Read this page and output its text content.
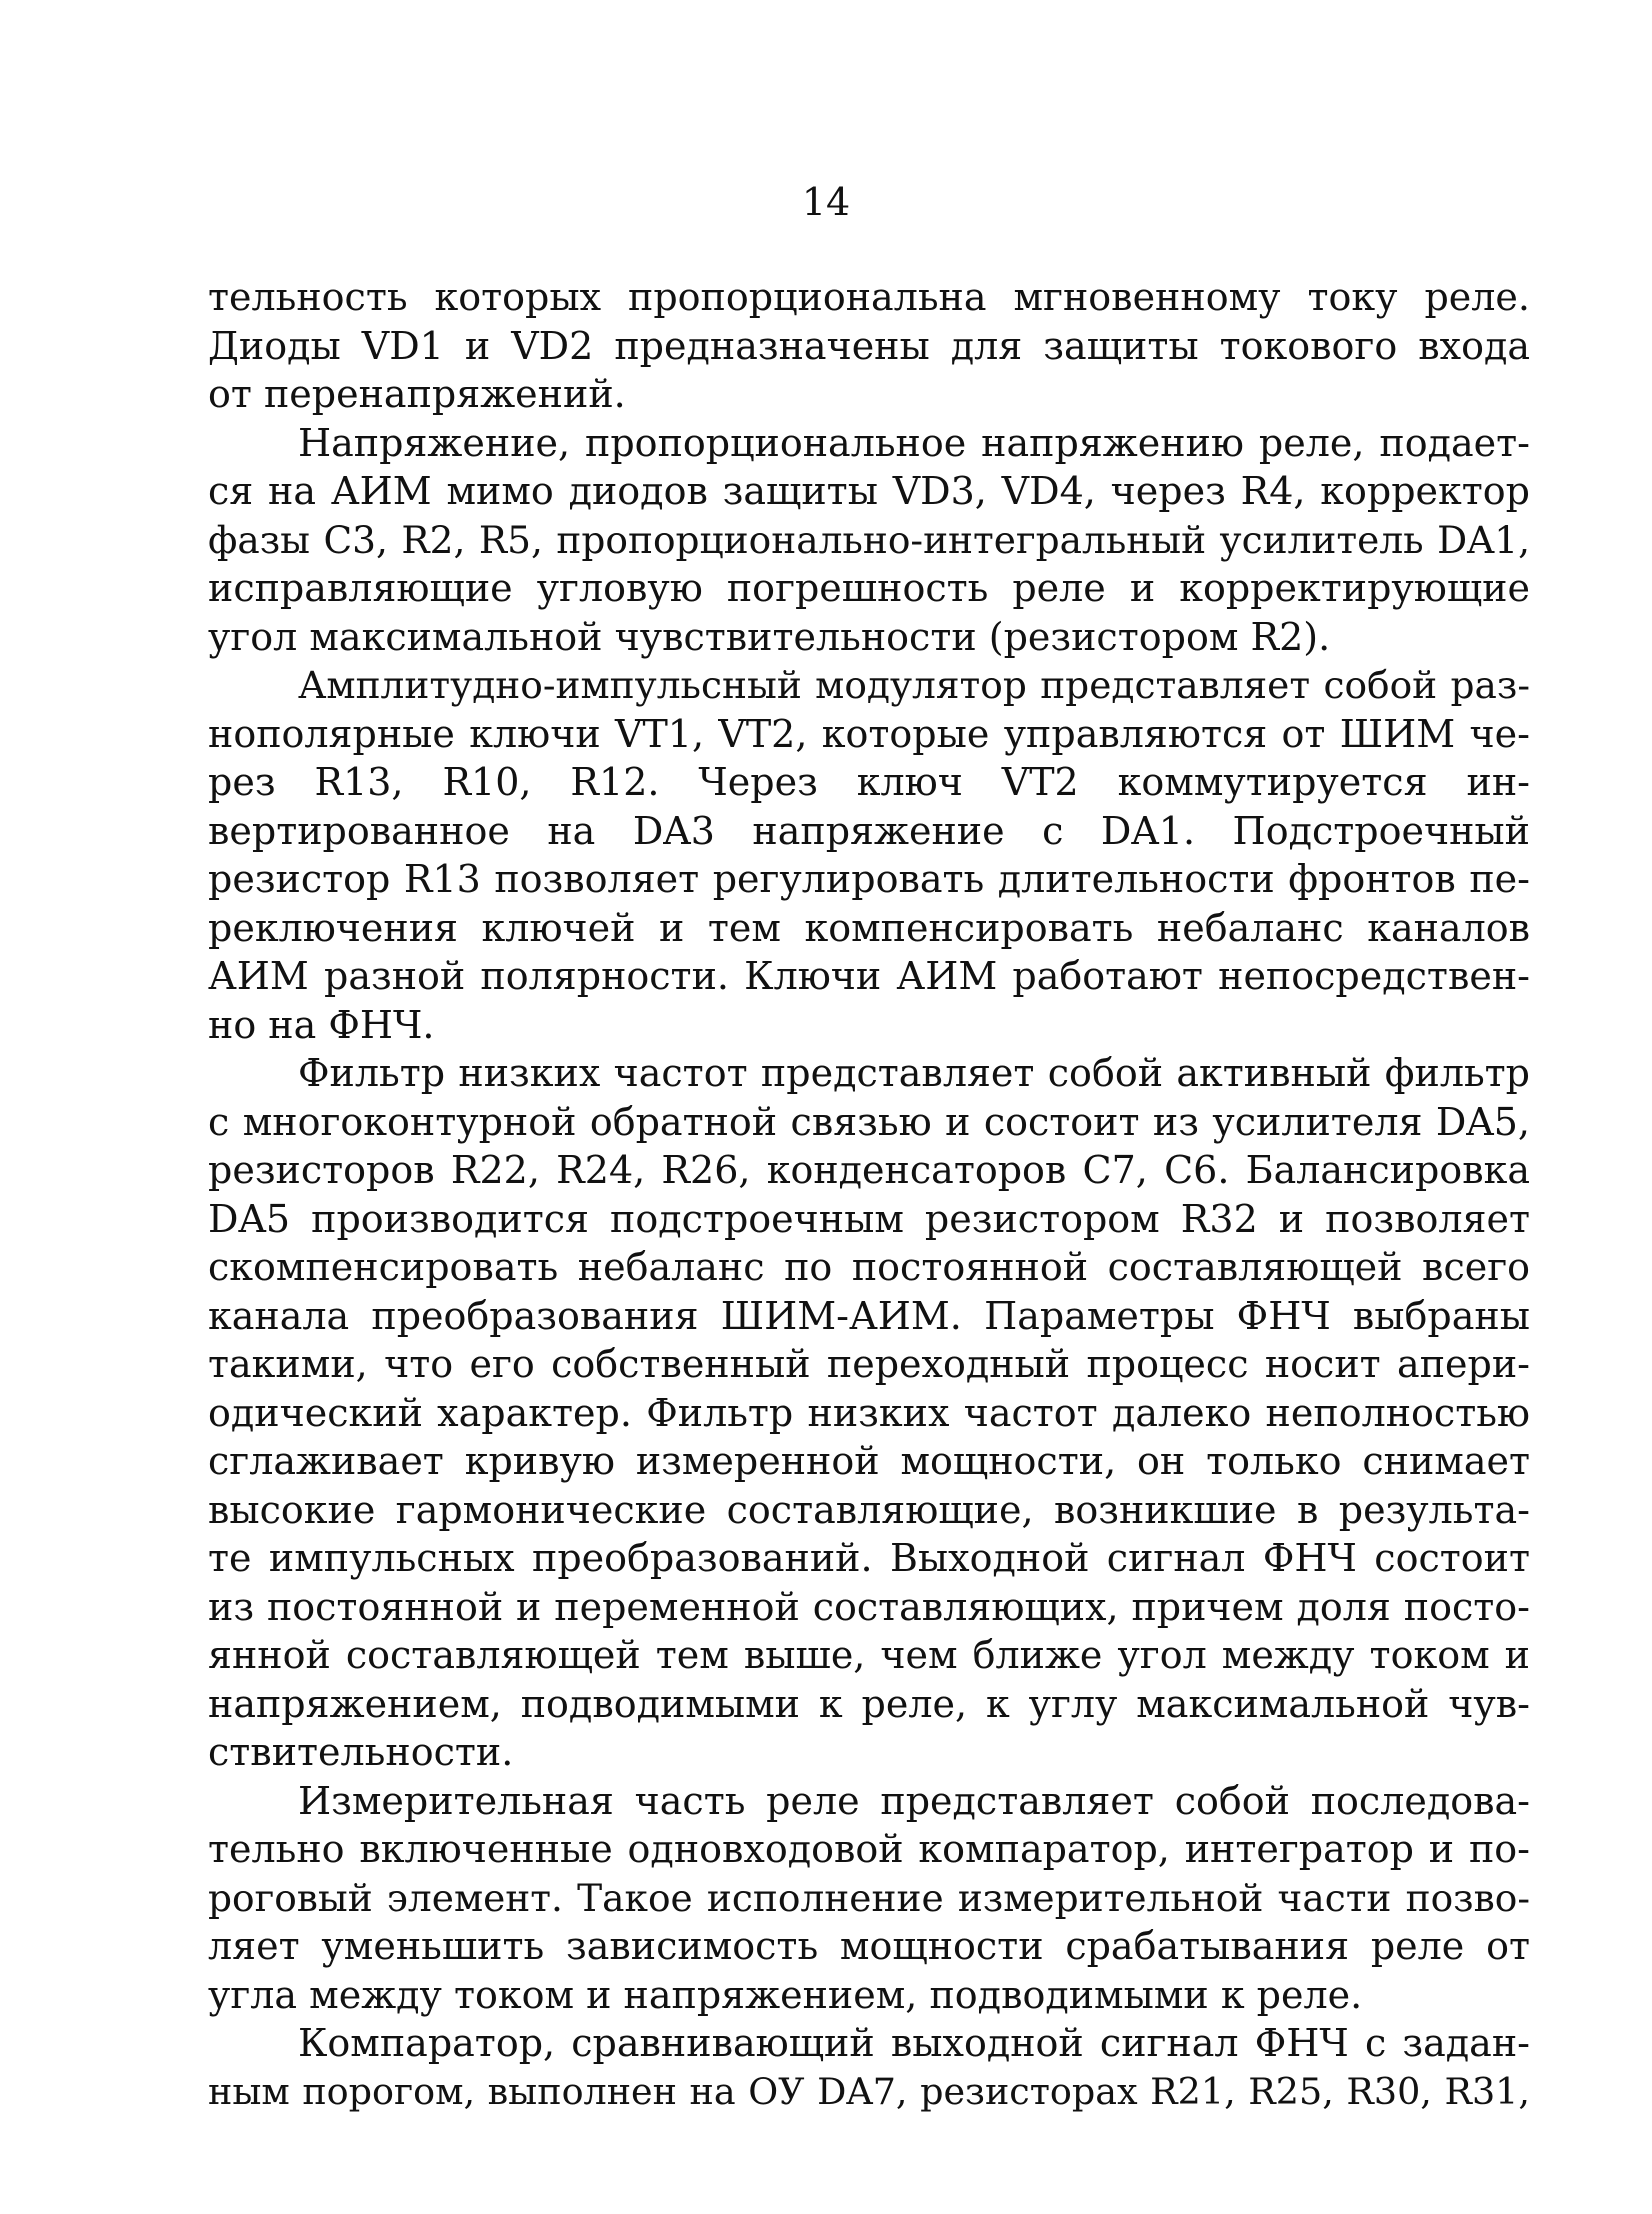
14
тельность которых пропорциональна мгновенному току реле.
Диоды VD1 и VD2 предназначены для защиты токового входа
от перенапряжений.
Напряжение, пропорциональное напряжению реле, подает-
ся на АИМ мимо диодов защиты VD3, VD4, через R4, корректор
фазы С3, R2, R5, пропорционально-интегральный усилитель DA1,
исправляющие угловую погрешность реле и корректирующие
угол максимальной чувствительности (резистором R2).
Амплитудно-импульсный модулятор представляет собой раз-
нополярные ключи VT1, VT2, которые управляются от ШИМ че-
рез R13, R10, R12. Через ключ VT2 коммутируется ин-
вертированное на DA3 напряжение с DA1. Подстроечный
резистор R13 позволяет регулировать длительности фронтов пе-
реключения ключей и тем компенсировать небаланс каналов
АИМ разной полярности. Ключи АИМ работают непосредствен-
но на ФНЧ.
Фильтр низких частот представляет собой активный фильтр
с многоконтурной обратной связью и состоит из усилителя DA5,
резисторов R22, R24, R26, конденсаторов С7, С6. Балансировка
DA5 производится подстроечным резистором R32 и позволяет
скомпенсировать небаланс по постоянной составляющей всего
канала преобразования ШИМ-АИМ. Параметры ФНЧ выбраны
такими, что его собственный переходный процесс носит апери-
одический характер. Фильтр низких частот далеко неполностью
сглаживает кривую измеренной мощности, он только снимает
высокие гармонические составляющие, возникшие в результа-
те импульсных преобразований. Выходной сигнал ФНЧ состоит
из постоянной и переменной составляющих, причем доля посто-
янной составляющей тем выше, чем ближе угол между током и
напряжением, подводимыми к реле, к углу максимальной чув-
ствительности.
Измерительная часть реле представляет собой последова-
тельно включенные одновходовой компаратор, интегратор и по-
роговый элемент. Такое исполнение измерительной части позво-
ляет уменьшить зависимость мощности срабатывания реле от
угла между током и напряжением, подводимыми к реле.
Компаратор, сравнивающий выходной сигнал ФНЧ с задан-
ным порогом, выполнен на ОУ DA7, резисторах R21, R25, R30, R31,
